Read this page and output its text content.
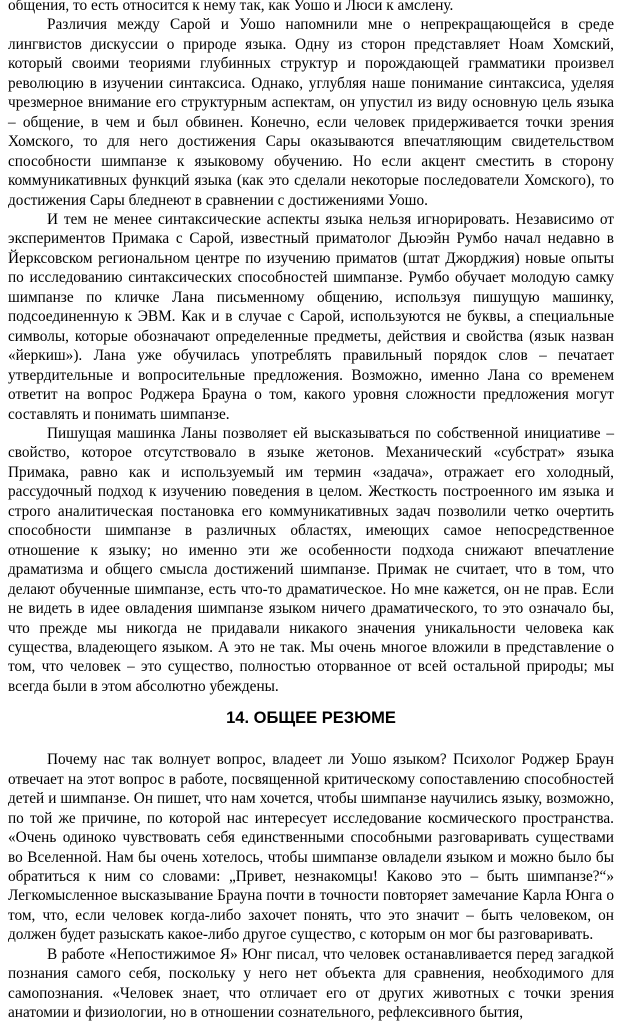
общения, то есть относится к нему так, как Уошо и Люси к амслену.

Различия между Сарой и Уошо напомнили мне о непрекращающейся в среде лингвистов дискуссии о природе языка. Одну из сторон представляет Ноам Хомский, который своими теориями глубинных структур и порождающей грамматики произвел революцию в изучении синтаксиса. Однако, углубляя наше понимание синтаксиса, уделяя чрезмерное внимание его структурным аспектам, он упустил из виду основную цель языка – общение, в чем и был обвинен. Конечно, если человек придерживается точки зрения Хомского, то для него достижения Сары оказываются впечатляющим свидетельством способности шимпанзе к языковому обучению. Но если акцент сместить в сторону коммуникативных функций языка (как это сделали некоторые последователи Хомского), то достижения Сары бледнеют в сравнении с достижениями Уошо.

И тем не менее синтаксические аспекты языка нельзя игнорировать. Независимо от экспериментов Примака с Сарой, известный приматолог Дьюэйн Румбо начал недавно в Йерксовском региональном центре по изучению приматов (штат Джорджия) новые опыты по исследованию синтаксических способностей шимпанзе. Румбо обучает молодую самку шимпанзе по кличке Лана письменному общению, используя пишущую машинку, подсоединенную к ЭВМ. Как и в случае с Сарой, используются не буквы, а специальные символы, которые обозначают определенные предметы, действия и свойства (язык назван «йеркиш»). Лана уже обучилась употреблять правильный порядок слов – печатает утвердительные и вопросительные предложения. Возможно, именно Лана со временем ответит на вопрос Роджера Брауна о том, какого уровня сложности предложения могут составлять и понимать шимпанзе.

Пишущая машинка Ланы позволяет ей высказываться по собственной инициативе – свойство, которое отсутствовало в языке жетонов. Механический «субстрат» языка Примака, равно как и используемый им термин «задача», отражает его холодный, рассудочный подход к изучению поведения в целом. Жесткость построенного им языка и строго аналитическая постановка его коммуникативных задач позволили четко очертить способности шимпанзе в различных областях, имеющих самое непосредственное отношение к языку; но именно эти же особенности подхода снижают впечатление драматизма и общего смысла достижений шимпанзе. Примак не считает, что в том, что делают обученные шимпанзе, есть что-то драматическое. Но мне кажется, он не прав. Если не видеть в идее овладения шимпанзе языком ничего драматического, то это означало бы, что прежде мы никогда не придавали никакого значения уникальности человека как существа, владеющего языком. А это не так. Мы очень многое вложили в представление о том, что человек – это существо, полностью оторванное от всей остальной природы; мы всегда были в этом абсолютно убеждены.

14. ОБЩЕЕ РЕЗЮМЕ

Почему нас так волнует вопрос, владеет ли Уошо языком? Психолог Роджер Браун отвечает на этот вопрос в работе, посвященной критическому сопоставлению способностей детей и шимпанзе. Он пишет, что нам хочется, чтобы шимпанзе научились языку, возможно, по той же причине, по которой нас интересует исследование космического пространства. «Очень одиноко чувствовать себя единственными способными разговаривать существами во Вселенной. Нам бы очень хотелось, чтобы шимпанзе овладели языком и можно было бы обратиться к ним со словами: „Привет, незнакомцы! Каково это – быть шимпанзе?“» Легкомысленное высказывание Брауна почти в точности повторяет замечание Карла Юнга о том, что, если человек когда-либо захочет понять, что это значит – быть человеком, он должен будет разыскать какое-либо другое существо, с которым он мог бы разговаривать.

В работе «Непостижимое Я» Юнг писал, что человек останавливается перед загадкой познания самого себя, поскольку у него нет объекта для сравнения, необходимого для самопознания. «Человек знает, что отличает его от других животных с точки зрения анатомии и физиологии, но в отношении сознательного, рефлексивного бытия,
